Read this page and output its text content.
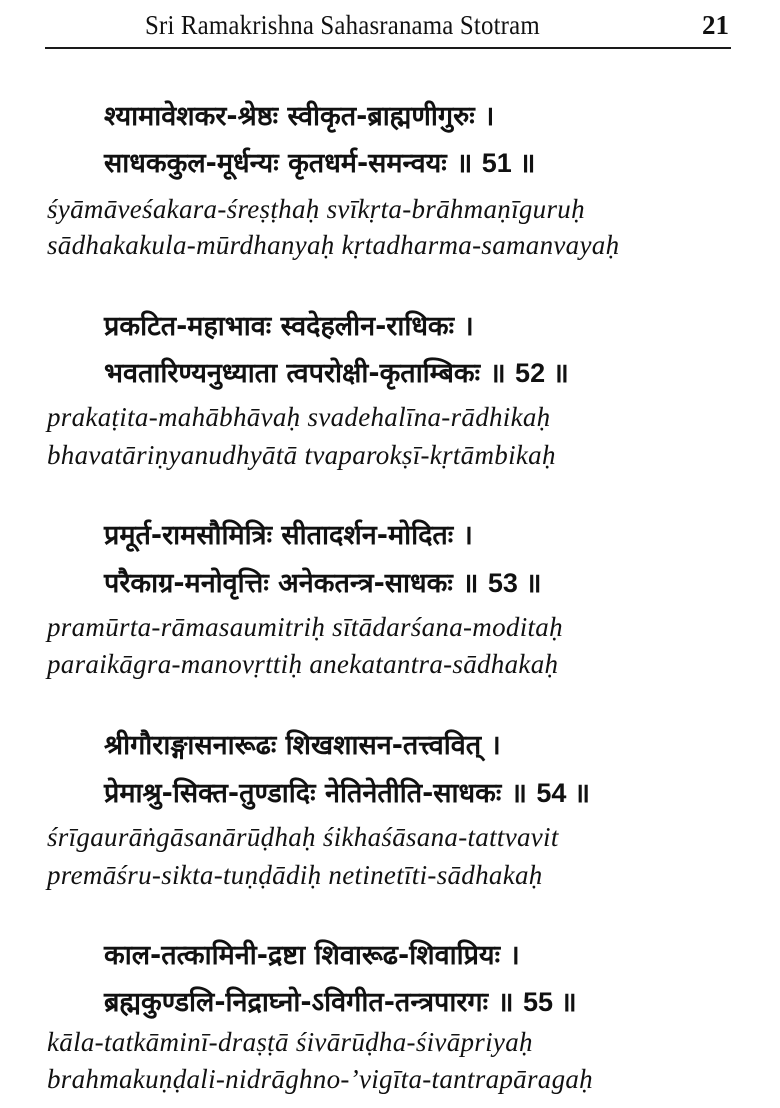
Sri Ramakrishna Sahasranama Stotram	21
श्यामावेशकर-श्रेष्ठः स्वीकृत-ब्राह्मणीगुरुः ।
साधककुल-मूर्धन्यः कृतधर्म-समन्वयः ॥ 51 ॥
śyāmāveśakara-śreṣṭhaḥ svīkṛta-brāhmaṇīguruḥ
sādhakakula-mūrdhanyaḥ kṛtadharma-samanvayaḥ
प्रकटित-महाभावः स्वदेहलीन-राधिकः ।
भवतारिण्यनुध्याता त्वपरोक्षी-कृताम्बिकः ॥ 52 ॥
prakaṭita-mahābhāvaḥ svadehalīna-rādhikaḥ
bhavatāriṇyanudhyātā tvaparokṣī-kṛtāmbikaḥ
प्रमूर्त-रामसौमित्रिः सीतादर्शन-मोदितः ।
परैकाग्र-मनोवृत्तिः अनेकतन्त्र-साधकः ॥ 53 ॥
pramūrta-rāmasaumitriḥ sītādarśana-moditaḥ
paraikāgra-manovṛttiḥ anekatantra-sādhakaḥ
श्रीगौराङ्गासनारूढः शिखशासन-तत्त्ववित् ।
प्रेमाश्रु-सिक्त-तुण्डादिः नेतिनेतीति-साधकः ॥ 54 ॥
śrīgaurāṅgāsanārūḍhaḥ śikhaśāsana-tattvavit
premāśru-sikta-tuṇḍādiḥ netinetīti-sādhakaḥ
काल-तत्कामिनी-द्रष्टा शिवारूढ-शिवाप्रियः ।
ब्रह्मकुण्डलि-निद्राघ्नो-ऽविगीत-तन्त्रपारगः ॥ 55 ॥
kāla-tatkāminī-draṣṭā śivārūḍha-śivāpriyaḥ
brahmakuṇḍali-nidrāghno-’vigīta-tantrapāragaḥ
